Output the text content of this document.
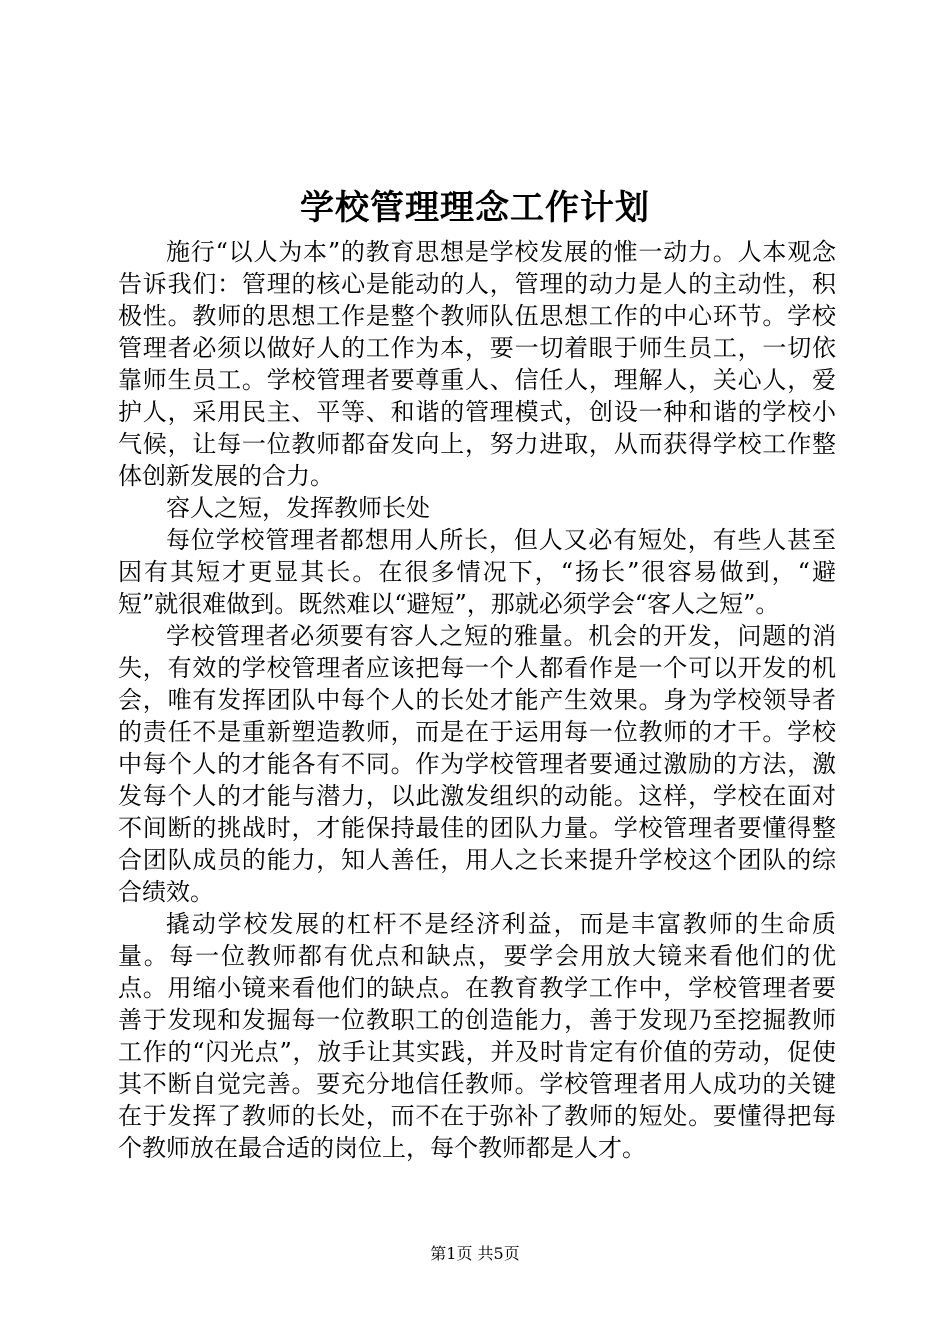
学校管理理念工作计划

施行“以人为本”的教育思想是学校发展的惟一动力。人本观念告诉我们：管理的核心是能动的人，管理的动力是人的主动性，积极性。教师的思想工作是整个教师队伍思想工作的中心环节。学校管理者必须以做好人的工作为本，要一切着眼于师生员工，一切依靠师生员工。学校管理者要尊重人、信任人，理解人，关心人，爱护人，采用民主、平等、和谐的管理模式，创设一种和谐的学校小气候，让每一位教师都奋发向上，努力进取，从而获得学校工作整体创新发展的合力。

容人之短，发挥教师长处

每位学校管理者都想用人所长，但人又必有短处，有些人甚至因有其短才更显其长。在很多情况下，“扬长”很容易做到，“避短”就很难做到。既然难以“避短”，那就必须学会“客人之短”。

学校管理者必须要有容人之短的雅量。机会的开发，问题的消失，有效的学校管理者应该把每一个人都看作是一个可以开发的机会，唯有发挥团队中每个人的长处才能产生效果。身为学校领导者的责任不是重新塑造教师，而是在于运用每一位教师的才干。学校中每个人的才能各有不同。作为学校管理者要通过激励的方法，激发每个人的才能与潜力，以此激发组织的动能。这样，学校在面对不间断的挑战时，才能保持最佳的团队力量。学校管理者要懂得整合团队成员的能力，知人善任，用人之长来提升学校这个团队的综合绩效。

撬动学校发展的杠杆不是经济利益，而是丰富教师的生命质量。每一位教师都有优点和缺点，要学会用放大镜来看他们的优点。用缩小镜来看他们的缺点。在教育教学工作中，学校管理者要善于发现和发掘每一位教职工的创造能力，善于发现乃至挖掘教师工作的“闪光点”，放手让其实践，并及时肯定有价值的劳动，促使其不断自觉完善。要充分地信任教师。学校管理者用人成功的关键在于发挥了教师的长处，而不在于弥补了教师的短处。要懂得把每个教师放在最合适的岗位上，每个教师都是人才。

第1页 共5页
